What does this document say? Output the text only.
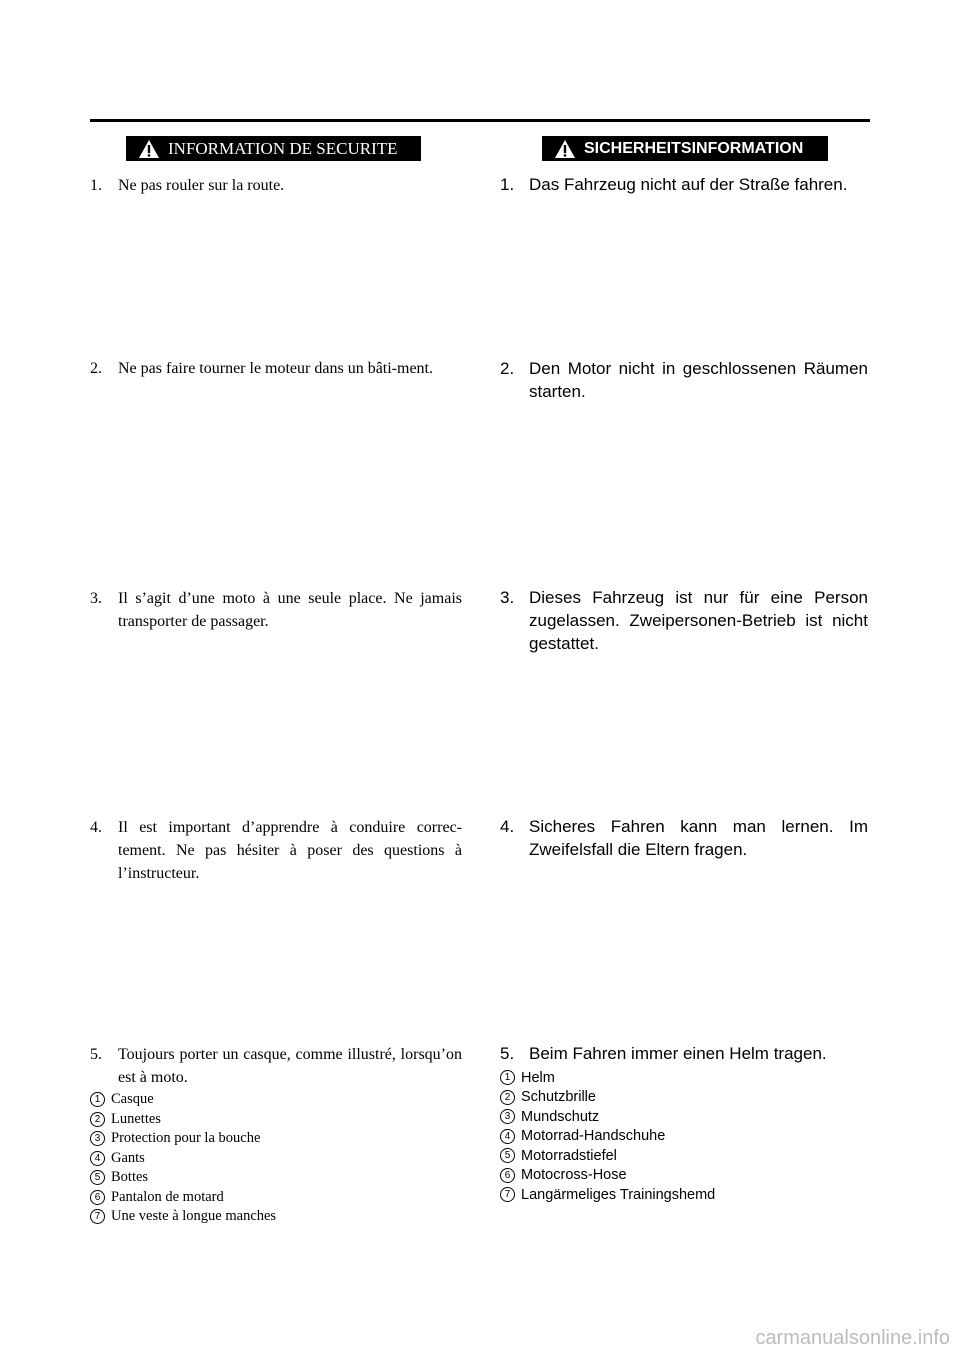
INFORMATION DE SECURITE	SICHERHEITSINFORMATION
1.	Ne pas rouler sur la route.
2.	Ne pas faire tourner le moteur dans un bâti-ment.
3.	Il s’agit d’une moto à une seule place. Ne jamais transporter de passager.
4.	Il est important d’apprendre à conduire correc-tement. Ne pas hésiter à poser des questions à l’instructeur.
5.	Toujours porter un casque, comme illustré, lorsqu’on est à moto.
1 Casque
2 Lunettes
3 Protection pour la bouche
4 Gants
5 Bottes
6 Pantalon de motard
7 Une veste à longue manches
1. Das Fahrzeug nicht auf der Straße fahren.
2. Den Motor nicht in geschlossenen Räumen starten.
3. Dieses Fahrzeug ist nur für eine Person zugelassen. Zweipersonen-Betrieb ist nicht gestattet.
4. Sicheres Fahren kann man lernen. Im Zweifelsfall die Eltern fragen.
5. Beim Fahren immer einen Helm tragen.
1 Helm
2 Schutzbrille
3 Mundschutz
4 Motorrad-Handschuhe
5 Motorradstiefel
6 Motocross-Hose
7 Langärmeliges Trainingshemd
carmanualsonline.info
